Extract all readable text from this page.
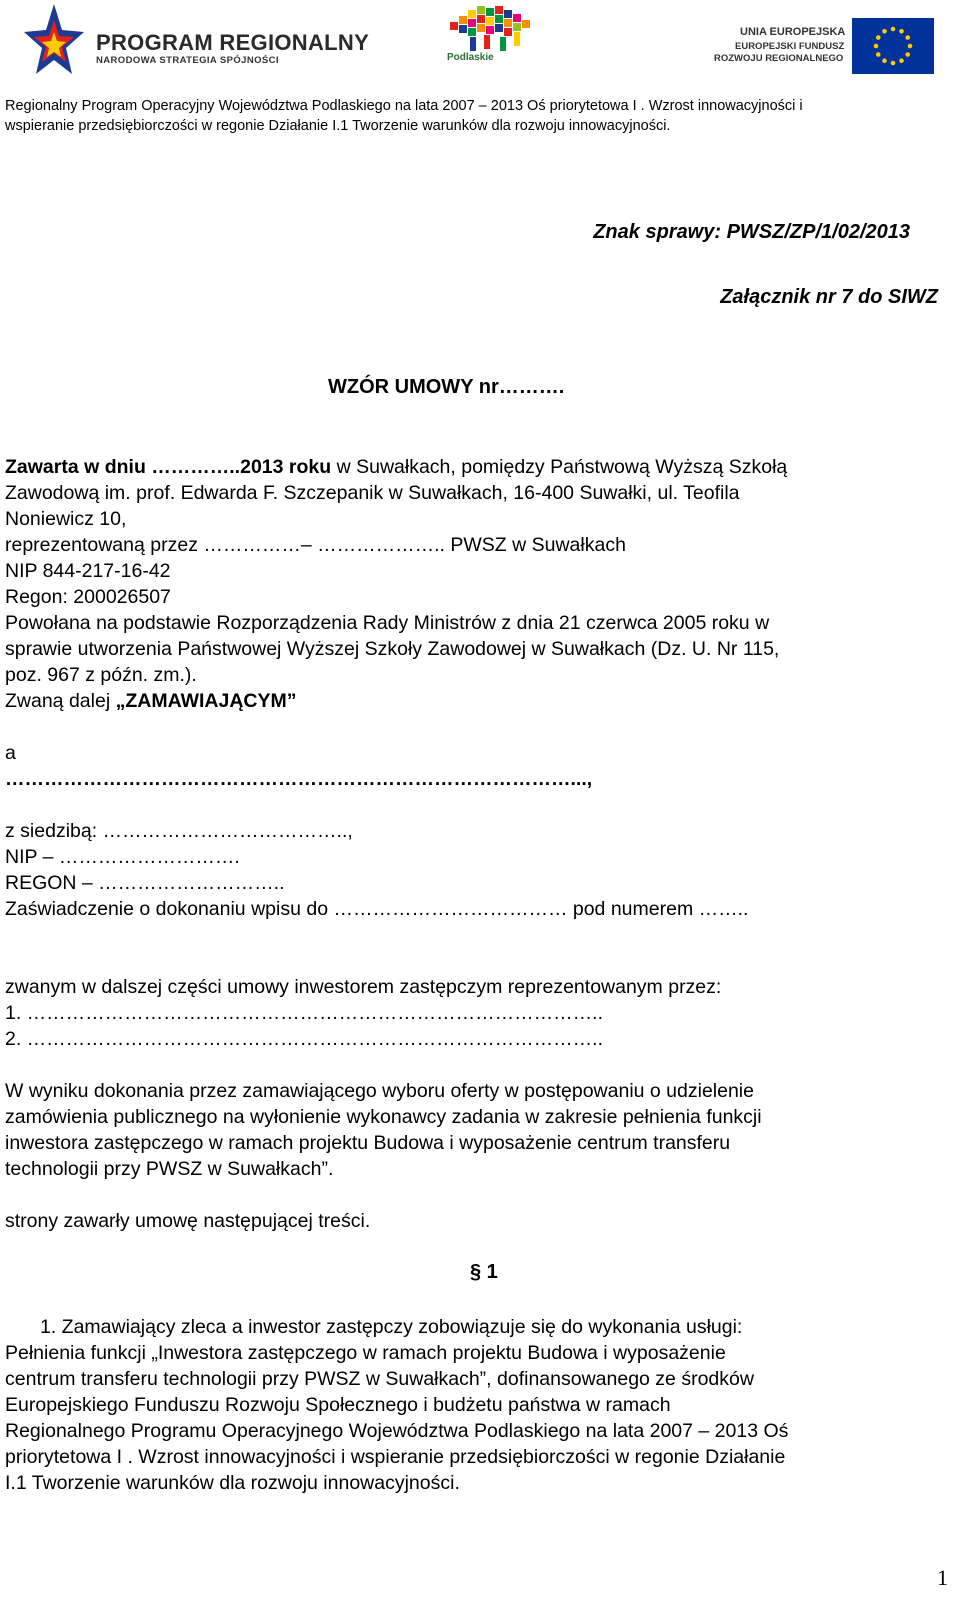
PROGRAM REGIONALNY
NARODOWA STRATEGIA SPÓJNOŚCI	Podlaskie
UNIA EUROPEJSKA
EUROPEJSKI FUNDUSZ
ROZWOJU REGIONALNEGO
Regionalny Program Operacyjny Województwa Podlaskiego na lata 2007 – 2013 Oś priorytetowa I . Wzrost innowacyjności i
wspieranie przedsiębiorczości w regonie Działanie I.1 Tworzenie warunków dla rozwoju innowacyjności.
Znak sprawy: PWSZ/ZP/1/02/2013
Załącznik nr 7 do SIWZ
WZÓR UMOWY nr……….
Zawarta w dniu …………..2013 roku w Suwałkach, pomiędzy Państwową Wyższą Szkołą
Zawodową im. prof. Edwarda F. Szczepanik w Suwałkach, 16-400 Suwałki, ul. Teofila
Noniewicz 10,
reprezentowaną przez ……………– ……………….. PWSZ w Suwałkach
NIP 844-217-16-42
Regon: 200026507
Powołana na podstawie Rozporządzenia Rady Ministrów z dnia 21 czerwca 2005 roku w
sprawie utworzenia Państwowej Wyższej Szkoły Zawodowej w Suwałkach (Dz. U. Nr 115,
poz. 967 z późn. zm.).
Zwaną dalej „ZAMAWIAJĄCYM”
a
……………………………………………………………………………...,
z siedzibą: ………………………………..,
NIP – ……………………….
REGON – ………………………..
Zaświadczenie o dokonaniu wpisu do ……………………………… pod numerem ……..
zwanym w dalszej części umowy inwestorem zastępczym reprezentowanym przez:
1. ……………………………………………………………………………..
2. ……………………………………………………………………………..
W wyniku dokonania przez zamawiającego wyboru oferty w postępowaniu o udzielenie
zamówienia publicznego na wyłonienie wykonawcy zadania w zakresie pełnienia funkcji
inwestora zastępczego w ramach projektu Budowa i wyposażenie centrum transferu
technologii przy PWSZ w Suwałkach”.
strony zawarły umowę następującej treści.
§ 1
1. Zamawiający zleca a inwestor zastępczy zobowiązuje się do wykonania usługi:
Pełnienia funkcji „Inwestora zastępczego w ramach projektu Budowa i wyposażenie
centrum transferu technologii przy PWSZ w Suwałkach”, dofinansowanego ze środków
Europejskiego Funduszu Rozwoju Społecznego i budżetu państwa w ramach
Regionalnego Programu Operacyjnego Województwa Podlaskiego na lata 2007 – 2013 Oś
priorytetowa I . Wzrost innowacyjności i wspieranie przedsiębiorczości w regonie Działanie
I.1 Tworzenie warunków dla rozwoju innowacyjności.
1
